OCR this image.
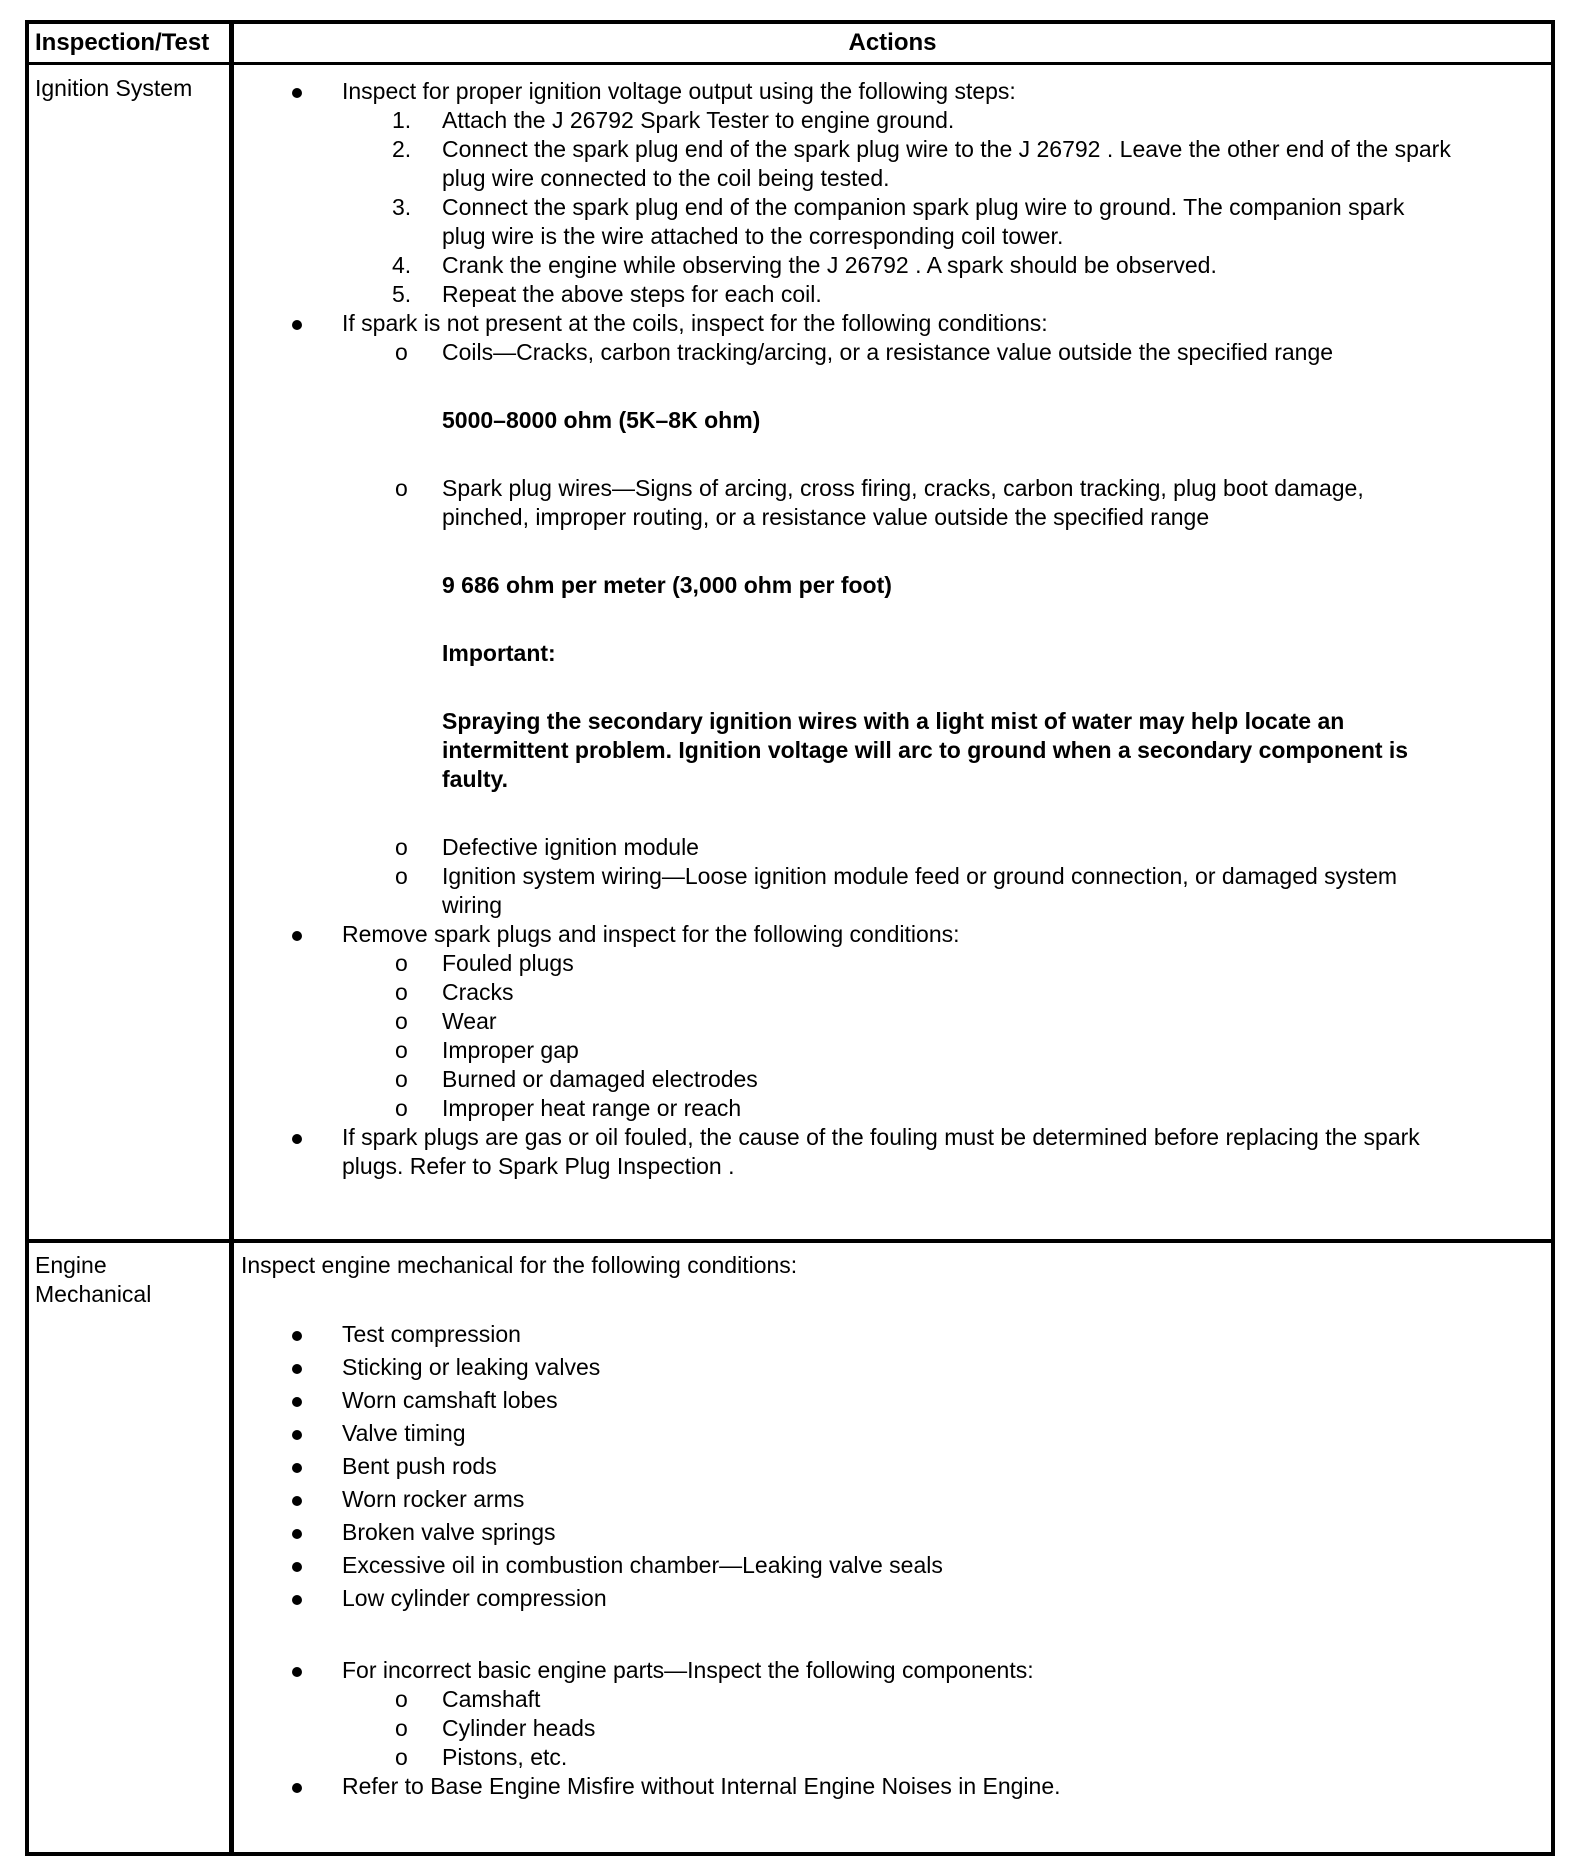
Inspection/Test	Actions
Ignition System
Engine
Mechanical
Inspect for proper ignition voltage output using the following steps:
1. Attach the J 26792 Spark Tester to engine ground.
2. Connect the spark plug end of the spark plug wire to the J 26792 . Leave the other end of the spark
plug wire connected to the coil being tested.
3. Connect the spark plug end of the companion spark plug wire to ground. The companion spark
plug wire is the wire attached to the corresponding coil tower.
4. Crank the engine while observing the J 26792 . A spark should be observed.
5. Repeat the above steps for each coil.
If spark is not present at the coils, inspect for the following conditions:
o Coils—Cracks, carbon tracking/arcing, or a resistance value outside the specified range
5000–8000 ohm (5K–8K ohm)
o Spark plug wires—Signs of arcing, cross firing, cracks, carbon tracking, plug boot damage,
pinched, improper routing, or a resistance value outside the specified range
9 686 ohm per meter (3,000 ohm per foot)
Important:
Spraying the secondary ignition wires with a light mist of water may help locate an
intermittent problem. Ignition voltage will arc to ground when a secondary component is
faulty.
o Defective ignition module
o Ignition system wiring—Loose ignition module feed or ground connection, or damaged system
wiring
Remove spark plugs and inspect for the following conditions:
o Fouled plugs
o Cracks
o Wear
o Improper gap
o Burned or damaged electrodes
o Improper heat range or reach
If spark plugs are gas or oil fouled, the cause of the fouling must be determined before replacing the spark
plugs. Refer to Spark Plug Inspection .
Inspect engine mechanical for the following conditions:
Test compression
Sticking or leaking valves
Worn camshaft lobes
Valve timing
Bent push rods
Worn rocker arms
Broken valve springs
Excessive oil in combustion chamber—Leaking valve seals
Low cylinder compression
For incorrect basic engine parts—Inspect the following components:
o Camshaft
o Cylinder heads
o Pistons, etc.
Refer to Base Engine Misfire without Internal Engine Noises in Engine.
